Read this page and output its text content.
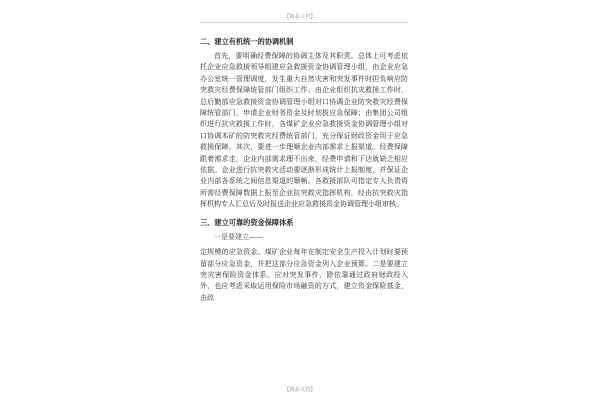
【精品文档】
二、建立有机统一的协调机制

首先，要明确经费保障的协调主体及其职责。总体上可考虑依托企业应急救援领导组建应急救援资金协调管理小组，由企业应急办公室统一管理调度，发生重大自然灾害和突发事件时担负响应防突救灾经费保障统管部门组织工作。由企业组织抗灾救援工作时，总后勤部应急救援资金协调管理小组对口协调企业防突救灾经费保障统管部门，申请企业财务资金及时划拨应急保障；由集团公司组织进行抗灾救援工作时，各煤矿企业应急救援资金协调管理小组对口协调本矿的防突救灾经费统管部门，充分保证财政资金用于应急救援保障。其次，要进一步理顺企业内部需求上报渠道。经费保障跟着需求走，企业内部需求理不出来，经费申请和下达就缺乏相应依据。企业进行抗突救灾活动要逐渐形成统计上报制度，并保证企业内部各系统之间信息渠道的顺畅。各救援部队可指定专人负责将所需经费保障数据上报至企业抗突救灾指挥机构，经由抗突救灾指挥机构专人汇总后及时报送企业应急救援资金协调管理小组审核。

三、建立可靠的资金保障体系

一是要建立——

定规模的应急资金。煤矿企业每年在制定安全生产投入计划时要预留部分应急资金，并把这部分应急资金列入企业预算。二是要建立突灾害保险资金体系。应对突发事件，除依靠通过政府财政投入外，也应考虑采取运用保险市场融资的方式，建立资金保险基金，由政

【精品文档】
